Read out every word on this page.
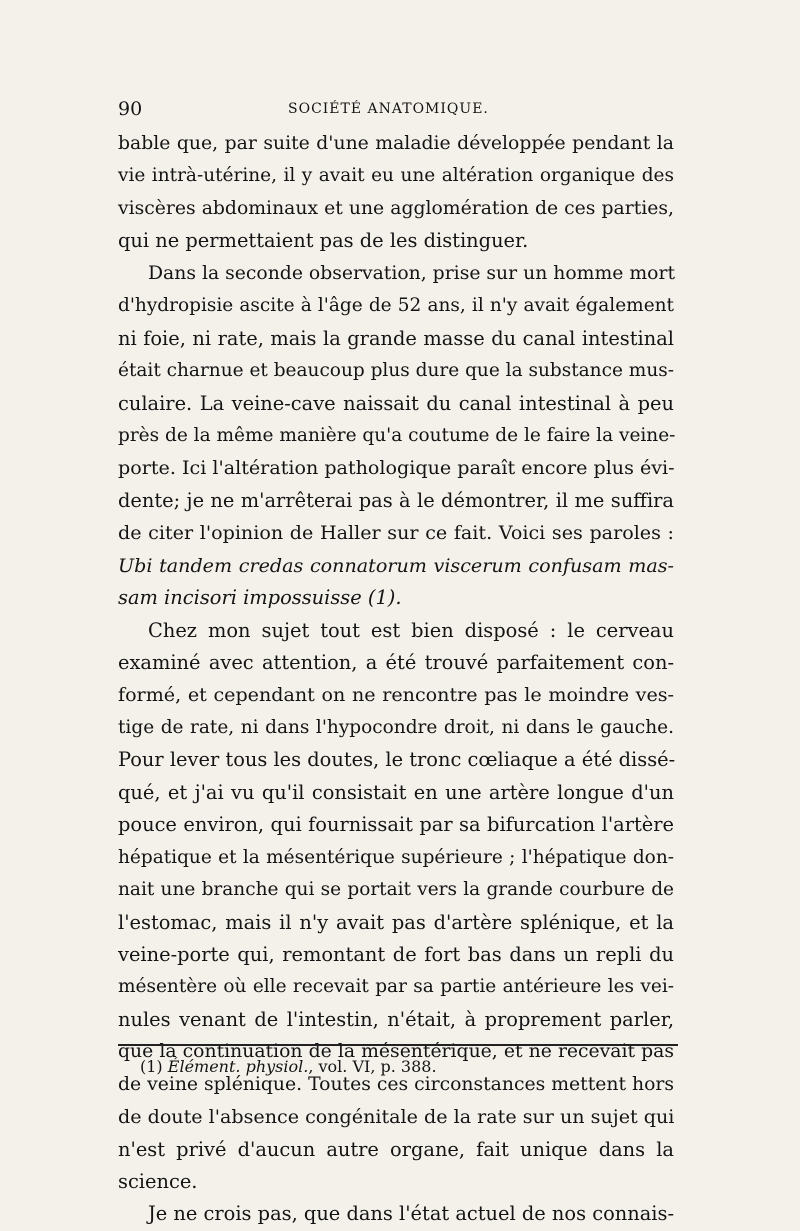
90	SOCIÉTÉ ANATOMIQUE.
bable que, par suite d'une maladie développée pendant la
vie intrà-utérine, il y avait eu une altération organique des
viscères abdominaux et une agglomération de ces parties,
qui ne permettaient pas de les distinguer.
Dans la seconde observation, prise sur un homme mort
d'hydropisie ascite à l'âge de 52 ans, il n'y avait également
ni foie, ni rate, mais la grande masse du canal intestinal
était charnue et beaucoup plus dure que la substance mus-
culaire. La veine-cave naissait du canal intestinal à peu
près de la même manière qu'a coutume de le faire la veine-
porte. Ici l'altération pathologique paraît encore plus évi-
dente; je ne m'arrêterai pas à le démontrer, il me suffira
de citer l'opinion de Haller sur ce fait. Voici ses paroles :
Ubi tandem credas connatorum viscerum confusam mas-
sam incisori impossuisse (1).
Chez mon sujet tout est bien disposé : le cerveau
examiné avec attention, a été trouvé parfaitement con-
formé, et cependant on ne rencontre pas le moindre ves-
tige de rate, ni dans l'hypocondre droit, ni dans le gauche.
Pour lever tous les doutes, le tronc cœliaque a été dissé-
qué, et j'ai vu qu'il consistait en une artère longue d'un
pouce environ, qui fournissait par sa bifurcation l'artère
hépatique et la mésentérique supérieure ; l'hépatique don-
nait une branche qui se portait vers la grande courbure de
l'estomac, mais il n'y avait pas d'artère splénique, et la
veine-porte qui, remontant de fort bas dans un repli du
mésentère où elle recevait par sa partie antérieure les vei-
nules venant de l'intestin, n'était, à proprement parler,
que la continuation de la mésentérique, et ne recevait pas
de veine splénique. Toutes ces circonstances mettent hors
de doute l'absence congénitale de la rate sur un sujet qui
n'est privé d'aucun autre organe, fait unique dans la
science.
Je ne crois pas, que dans l'état actuel de nos connais-
(1) Élément. physiol., vol. VI, p. 388.
